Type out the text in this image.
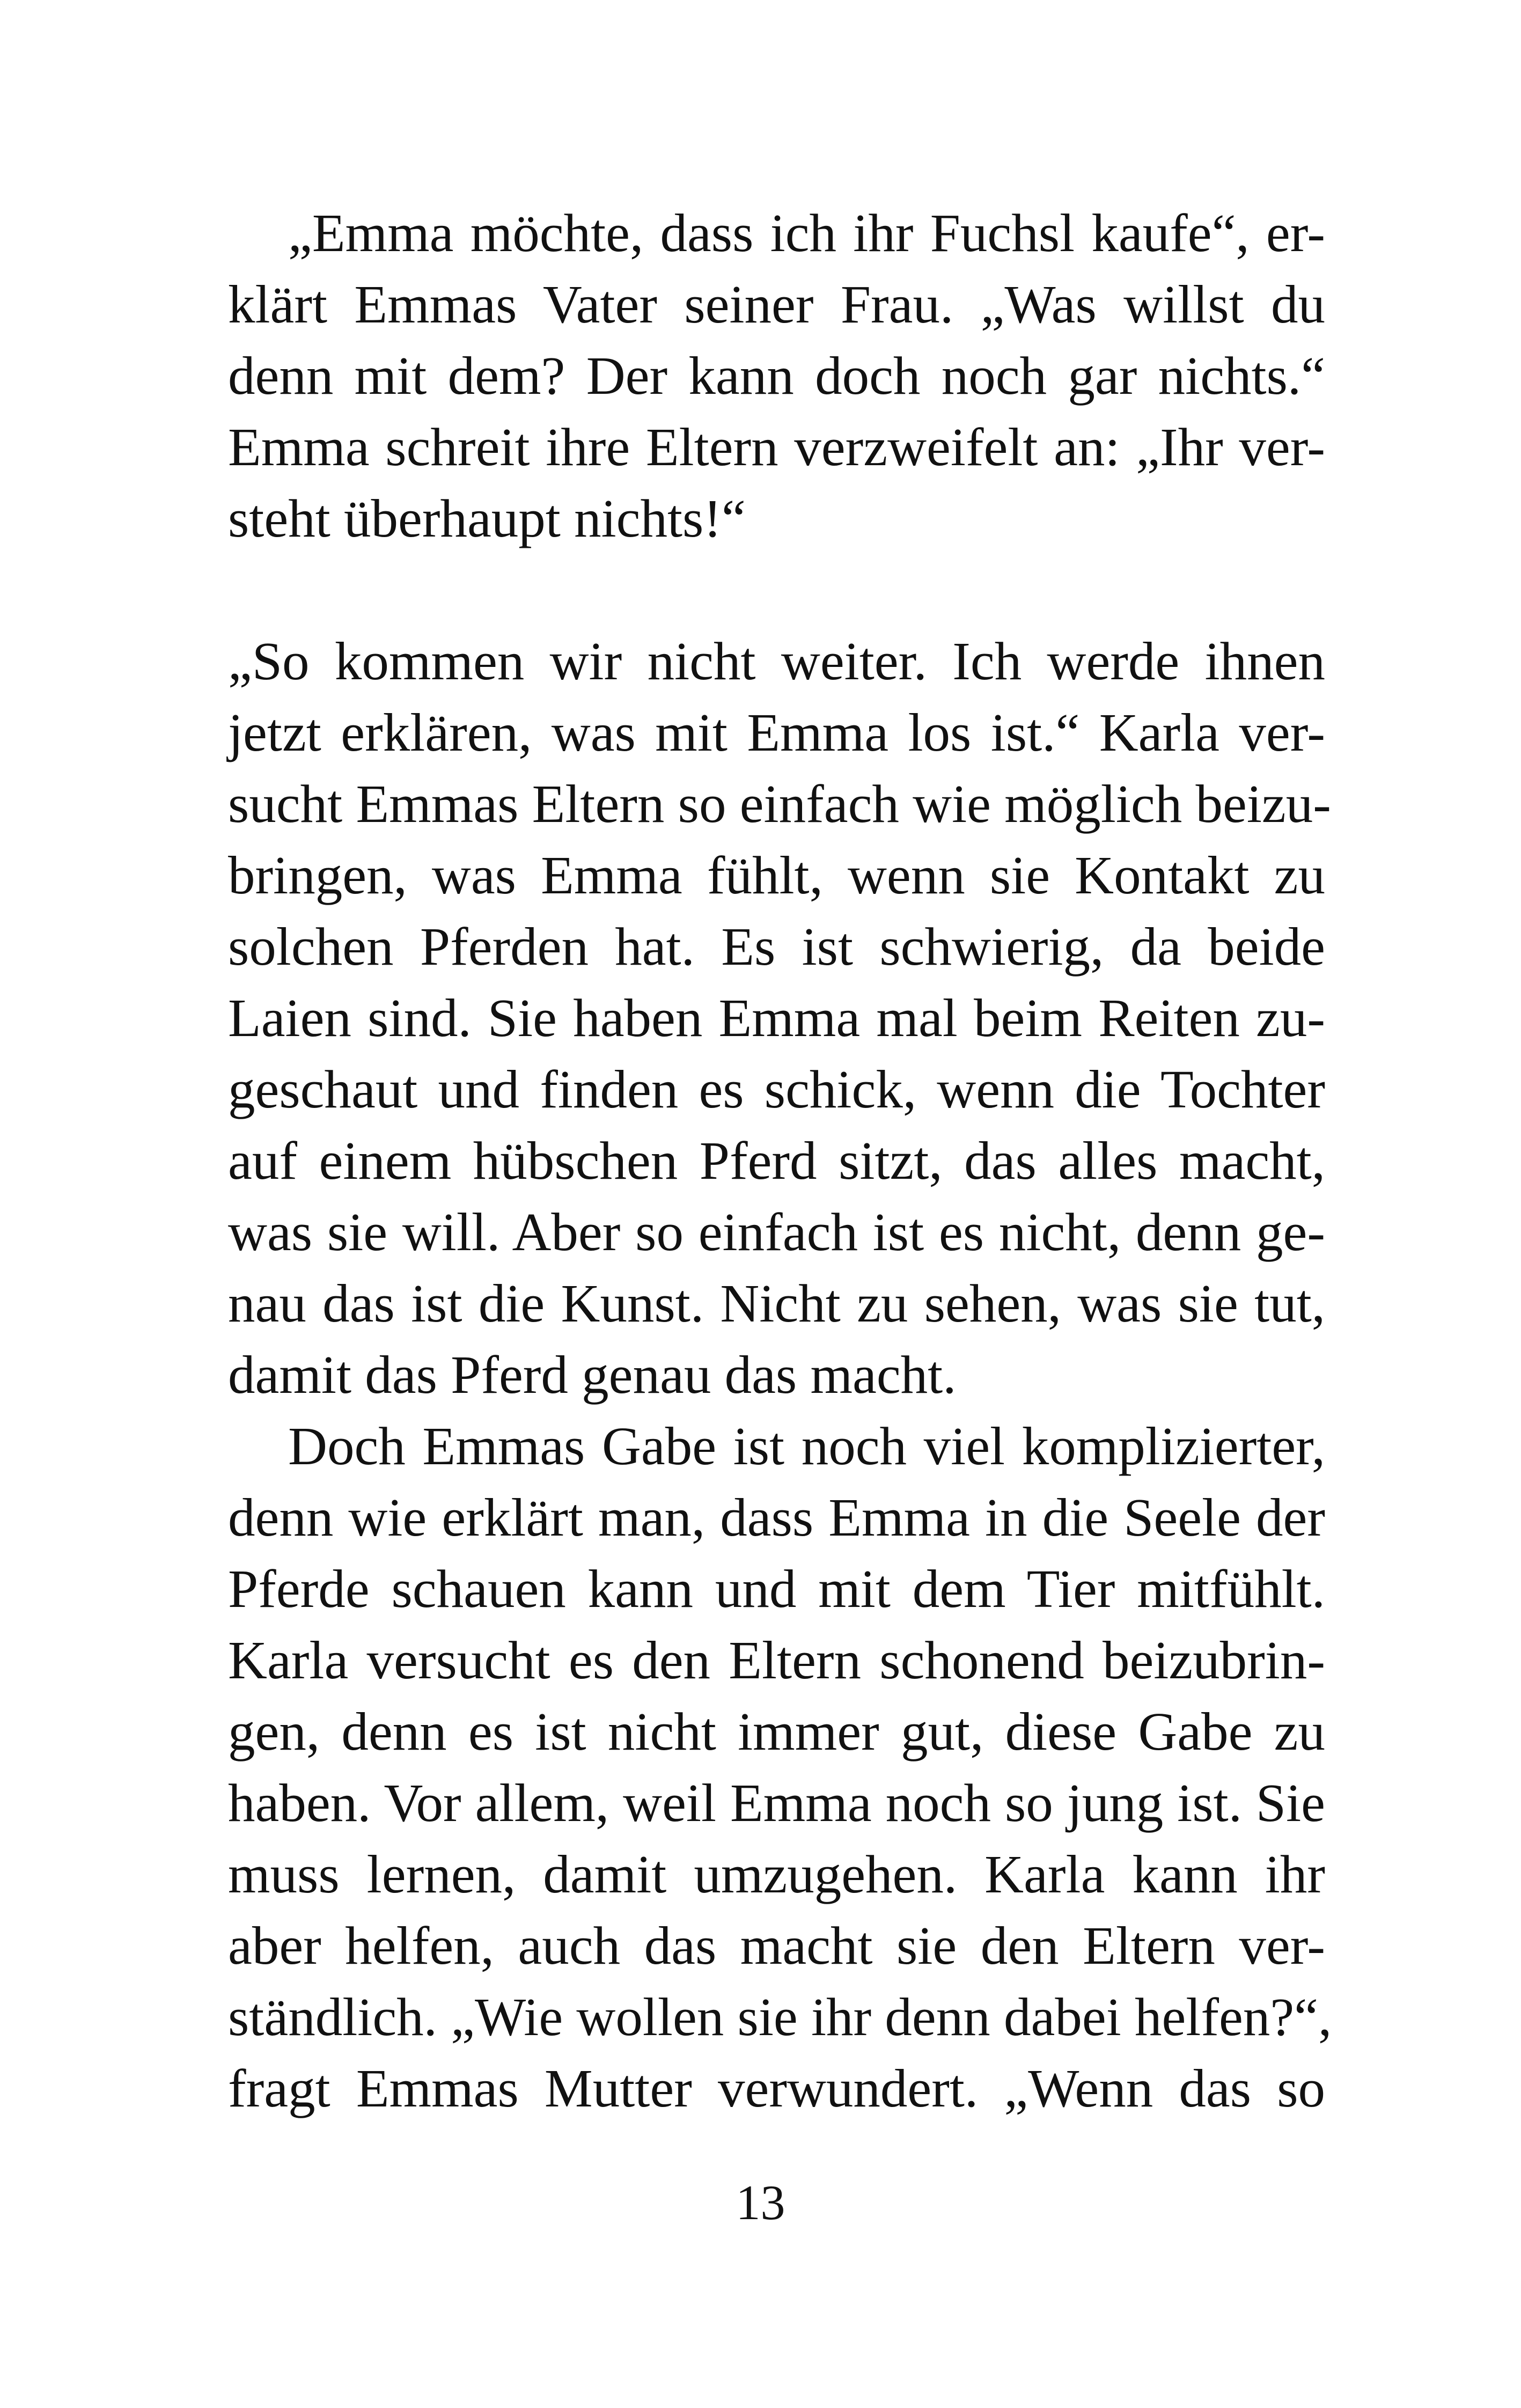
„Emma möchte, dass ich ihr Fuchsl kaufe“, er-
klärt Emmas Vater seiner Frau. „Was willst du
denn mit dem? Der kann doch noch gar nichts.“
Emma schreit ihre Eltern verzweifelt an: „Ihr ver-
steht überhaupt nichts!“
„So kommen wir nicht weiter. Ich werde ihnen
jetzt erklären, was mit Emma los ist.“ Karla ver-
sucht Emmas Eltern so einfach wie möglich beizu-
bringen, was Emma fühlt, wenn sie Kontakt zu
solchen Pferden hat. Es ist schwierig, da beide
Laien sind. Sie haben Emma mal beim Reiten zu-
geschaut und finden es schick, wenn die Tochter
auf einem hübschen Pferd sitzt, das alles macht,
was sie will. Aber so einfach ist es nicht, denn ge-
nau das ist die Kunst. Nicht zu sehen, was sie tut,
damit das Pferd genau das macht.
Doch Emmas Gabe ist noch viel komplizierter,
denn wie erklärt man, dass Emma in die Seele der
Pferde schauen kann und mit dem Tier mitfühlt.
Karla versucht es den Eltern schonend beizubrin-
gen, denn es ist nicht immer gut, diese Gabe zu
haben. Vor allem, weil Emma noch so jung ist. Sie
muss lernen, damit umzugehen. Karla kann ihr
aber helfen, auch das macht sie den Eltern ver-
ständlich. „Wie wollen sie ihr denn dabei helfen?“,
fragt Emmas Mutter verwundert. „Wenn das so
13
